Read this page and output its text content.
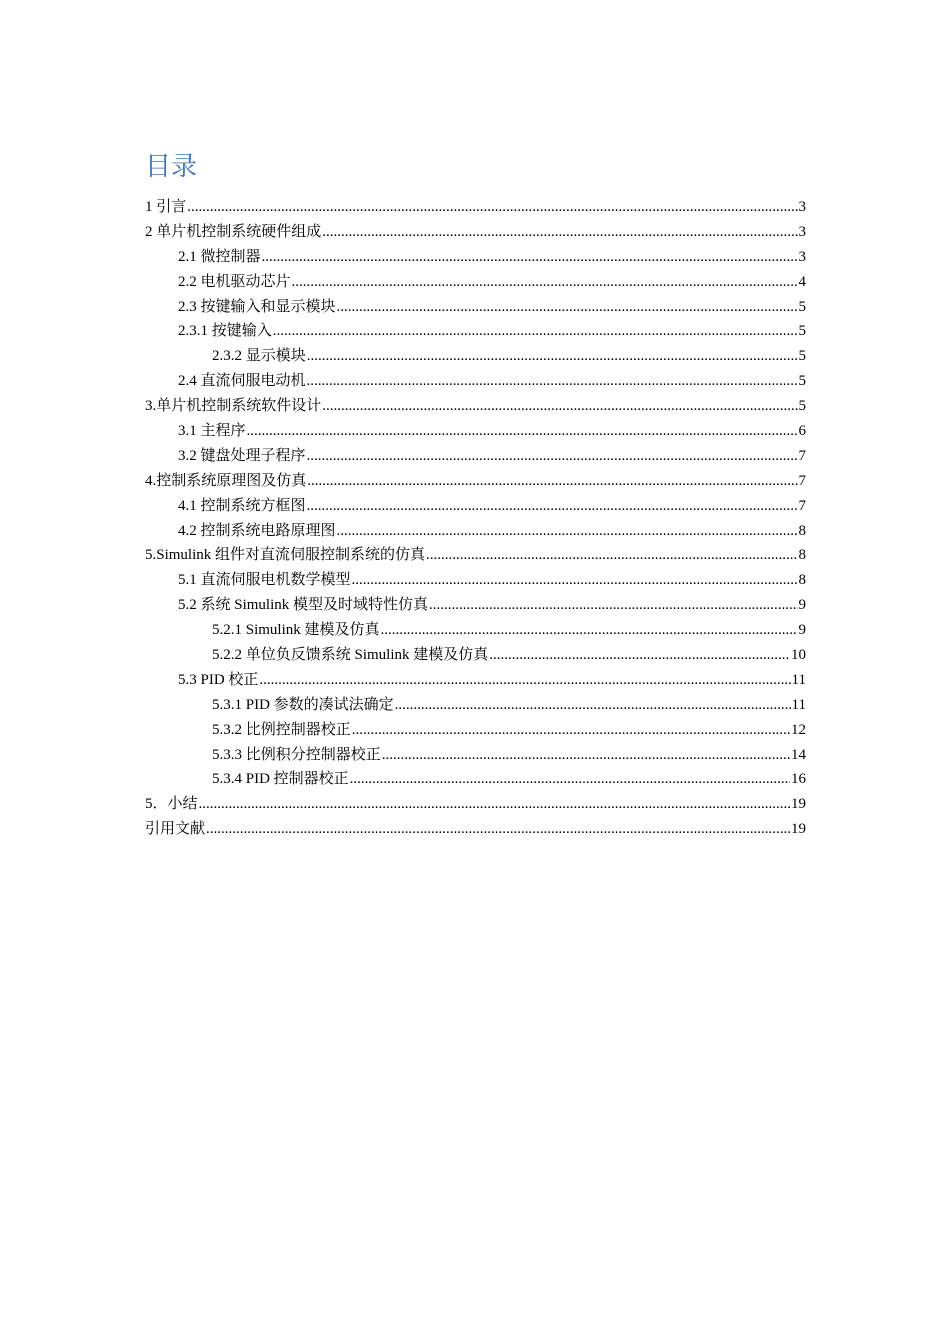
目录
1 引言 .....	3
2 单片机控制系统硬件组成 .....	3
2.1 微控制器 .....	3
2.2 电机驱动芯片 .....	4
2.3 按键输入和显示模块 .....	5
2.3.1 按键输入 .....	5
2.3.2 显示模块 .....	5
2.4 直流伺服电动机 .....	5
3.单片机控制系统软件设计 .....	5
3.1 主程序 .....	6
3.2 键盘处理子程序 .....	7
4.控制系统原理图及仿真 .....	7
4.1 控制系统方框图 .....	7
4.2 控制系统电路原理图 .....	8
5.Simulink 组件对直流伺服控制系统的仿真 .....	8
5.1 直流伺服电机数学模型 .....	8
5.2 系统 Simulink 模型及时域特性仿真 .....	9
5.2.1 Simulink 建模及仿真 .....	9
5.2.2 单位负反馈系统 Simulink 建模及仿真 .....	10
5.3 PID 校正 .....	11
5.3.1 PID 参数的凑试法确定 .....	11
5.3.2 比例控制器校正 .....	12
5.3.3 比例积分控制器校正 .....	14
5.3.4 PID 控制器校正 .....	16
5．小结 .....	19
引用文献 .....	19
